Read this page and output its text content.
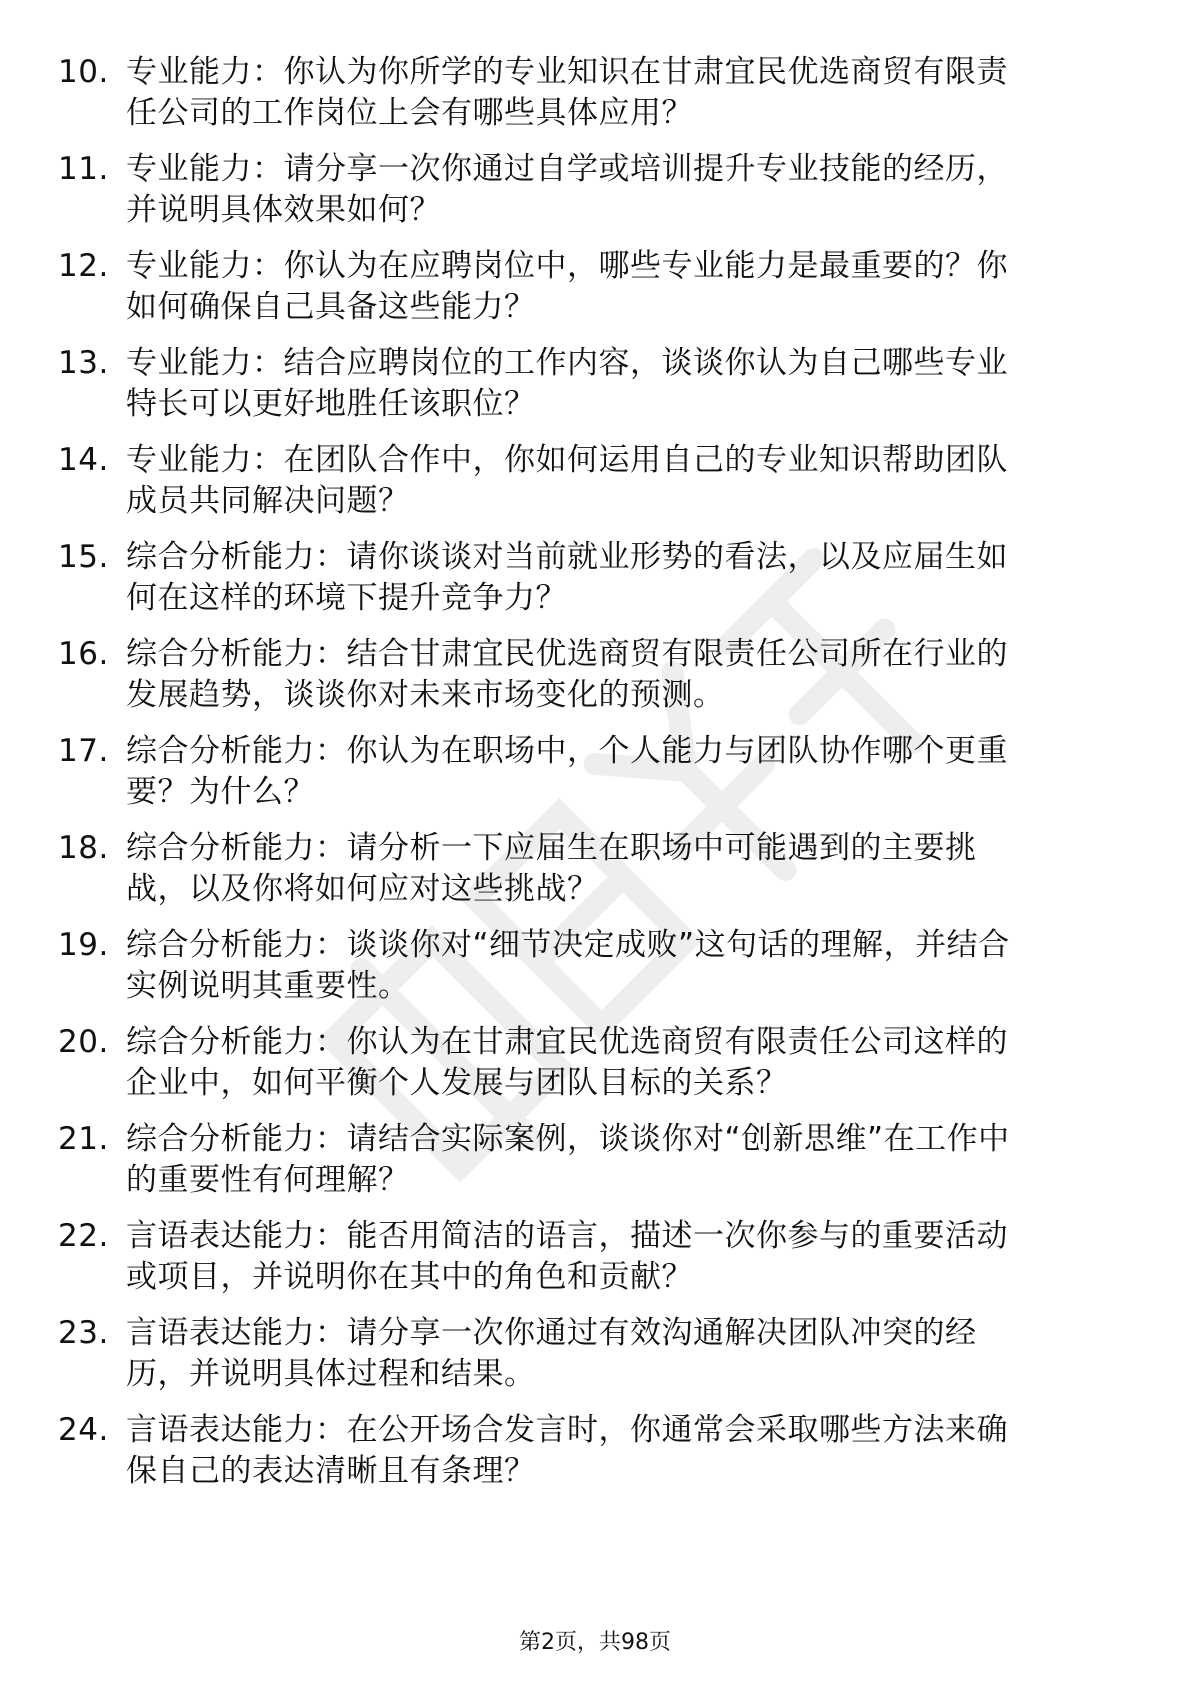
10. 专业能力：你认为你所学的专业知识在甘肃宜民优选商贸有限责
任公司的工作岗位上会有哪些具体应用？
11. 专业能力：请分享一次你通过自学或培训提升专业技能的经历，
并说明具体效果如何？
12. 专业能力：你认为在应聘岗位中，哪些专业能力是最重要的？你
如何确保自己具备这些能力？
13. 专业能力：结合应聘岗位的工作内容，谈谈你认为自己哪些专业
特长可以更好地胜任该职位？
14. 专业能力：在团队合作中，你如何运用自己的专业知识帮助团队
成员共同解决问题？
15. 综合分析能力：请你谈谈对当前就业形势的看法，以及应届生如
何在这样的环境下提升竞争力？
16. 综合分析能力：结合甘肃宜民优选商贸有限责任公司所在行业的
发展趋势，谈谈你对未来市场变化的预测。
17. 综合分析能力：你认为在职场中，个人能力与团队协作哪个更重
要？为什么？
18. 综合分析能力：请分析一下应届生在职场中可能遇到的主要挑
战，以及你将如何应对这些挑战？
19. 综合分析能力：谈谈你对“细节决定成败”这句话的理解，并结合
实例说明其重要性。
20. 综合分析能力：你认为在甘肃宜民优选商贸有限责任公司这样的
企业中，如何平衡个人发展与团队目标的关系？
21. 综合分析能力：请结合实际案例，谈谈你对“创新思维”在工作中
的重要性有何理解？
22. 言语表达能力：能否用简洁的语言，描述一次你参与的重要活动
或项目，并说明你在其中的角色和贡献？
23. 言语表达能力：请分享一次你通过有效沟通解决团队冲突的经
历，并说明具体过程和结果。
24. 言语表达能力：在公开场合发言时，你通常会采取哪些方法来确
保自己的表达清晰且有条理？
第2页，共98页
